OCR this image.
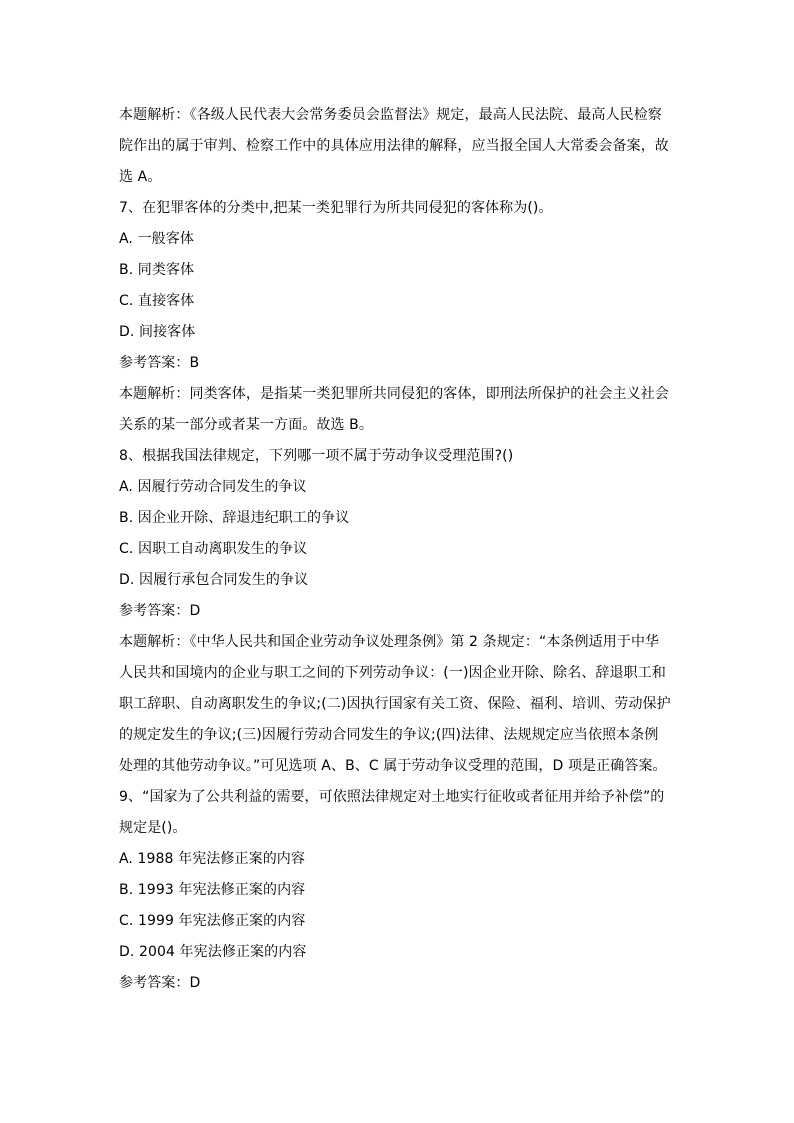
本题解析：《各级人民代表大会常务委员会监督法》规定，最高人民法院、最高人民检察
院作出的属于审判、检察工作中的具体应用法律的解释，应当报全国人大常委会备案，故
选 A。
7、在犯罪客体的分类中,把某一类犯罪行为所共同侵犯的客体称为()。
A. 一般客体
B. 同类客体
C. 直接客体
D. 间接客体
参考答案：B
本题解析：同类客体，是指某一类犯罪所共同侵犯的客体，即刑法所保护的社会主义社会
关系的某一部分或者某一方面。故选 B。
8、根据我国法律规定，下列哪一项不属于劳动争议受理范围?()
A. 因履行劳动合同发生的争议
B. 因企业开除、辞退违纪职工的争议
C. 因职工自动离职发生的争议
D. 因履行承包合同发生的争议
参考答案：D
本题解析：《中华人民共和国企业劳动争议处理条例》第 2 条规定：“本条例适用于中华
人民共和国境内的企业与职工之间的下列劳动争议：(一)因企业开除、除名、辞退职工和
职工辞职、自动离职发生的争议;(二)因执行国家有关工资、保险、福利、培训、劳动保护
的规定发生的争议;(三)因履行劳动合同发生的争议;(四)法律、法规规定应当依照本条例
处理的其他劳动争议。”可见选项 A、B、C 属于劳动争议受理的范围，D 项是正确答案。
9、“国家为了公共利益的需要，可依照法律规定对土地实行征收或者征用并给予补偿”的
规定是()。
A. 1988 年宪法修正案的内容
B. 1993 年宪法修正案的内容
C. 1999 年宪法修正案的内容
D. 2004 年宪法修正案的内容
参考答案：D
